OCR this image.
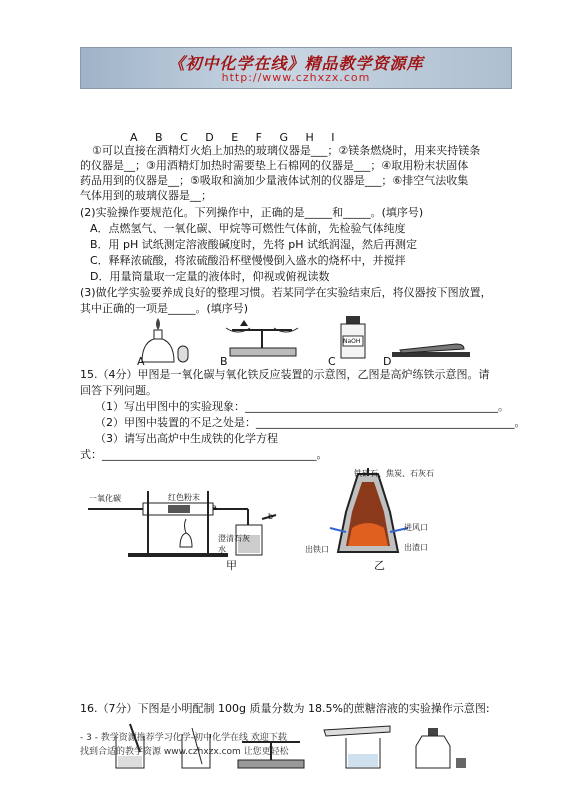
《初中化学在线》精品教学资源库
http://www.czhxzx.com
A B C D E F G H I
①可以直接在酒精灯火焰上加热的玻璃仪器是___；②镁条燃烧时，用来夹持镁条
的仪器是__；③用酒精灯加热时需要垫上石棉网的仪器是___；④取用粉末状固体
药品用到的仪器是__；⑤吸取和滴加少量液体试剂的仪器是___；⑥排空气法收集
气体用到的玻璃仪器是__；
(2)实验操作要规范化。下列操作中，正确的是_____和_____。(填序号)
A．点燃氢气、一氧化碳、甲烷等可燃性气体前，先检验气体纯度
B．用 pH 试纸测定溶液酸碱度时，先将 pH 试纸润湿，然后再测定
C．释释浓硫酸，将浓硫酸沿杯壁慢慢倒入盛水的烧杯中，并搅拌
D．用量筒量取一定量的液体时，仰视或俯视读数
(3)做化学实验要养成良好的整理习惯。若某同学在实验结束后，将仪器按下图放置，
其中正确的一项是_____。(填序号)
A	B
NaOH
C	D
15.（4分）甲图是一氧化碳与氧化铁反应装置的示意图，乙图是高炉练铁示意图。请
回答下列问题。
（1）写出甲图中的实验现象：______________________________________________。
（2）甲图中装置的不足之处是：_______________________________________________。
（3）请写出高炉中生成铁的化学方程
式：_______________________________________。
一氧化碳	红色粉末
澄清石灰水
a
b
甲
铁矿石、焦炭、石灰石
进风口
出渣口
出铁口
乙
16.（7分）下图是小明配制 100g 质量分数为 18.5%的蔗糖溶液的实验操作示意图:
- 3 - 教学资源推荐学习化学-初中化学在线 欢迎下载
找到合适的教学资源 www.czhxzx.com 让您更轻松
